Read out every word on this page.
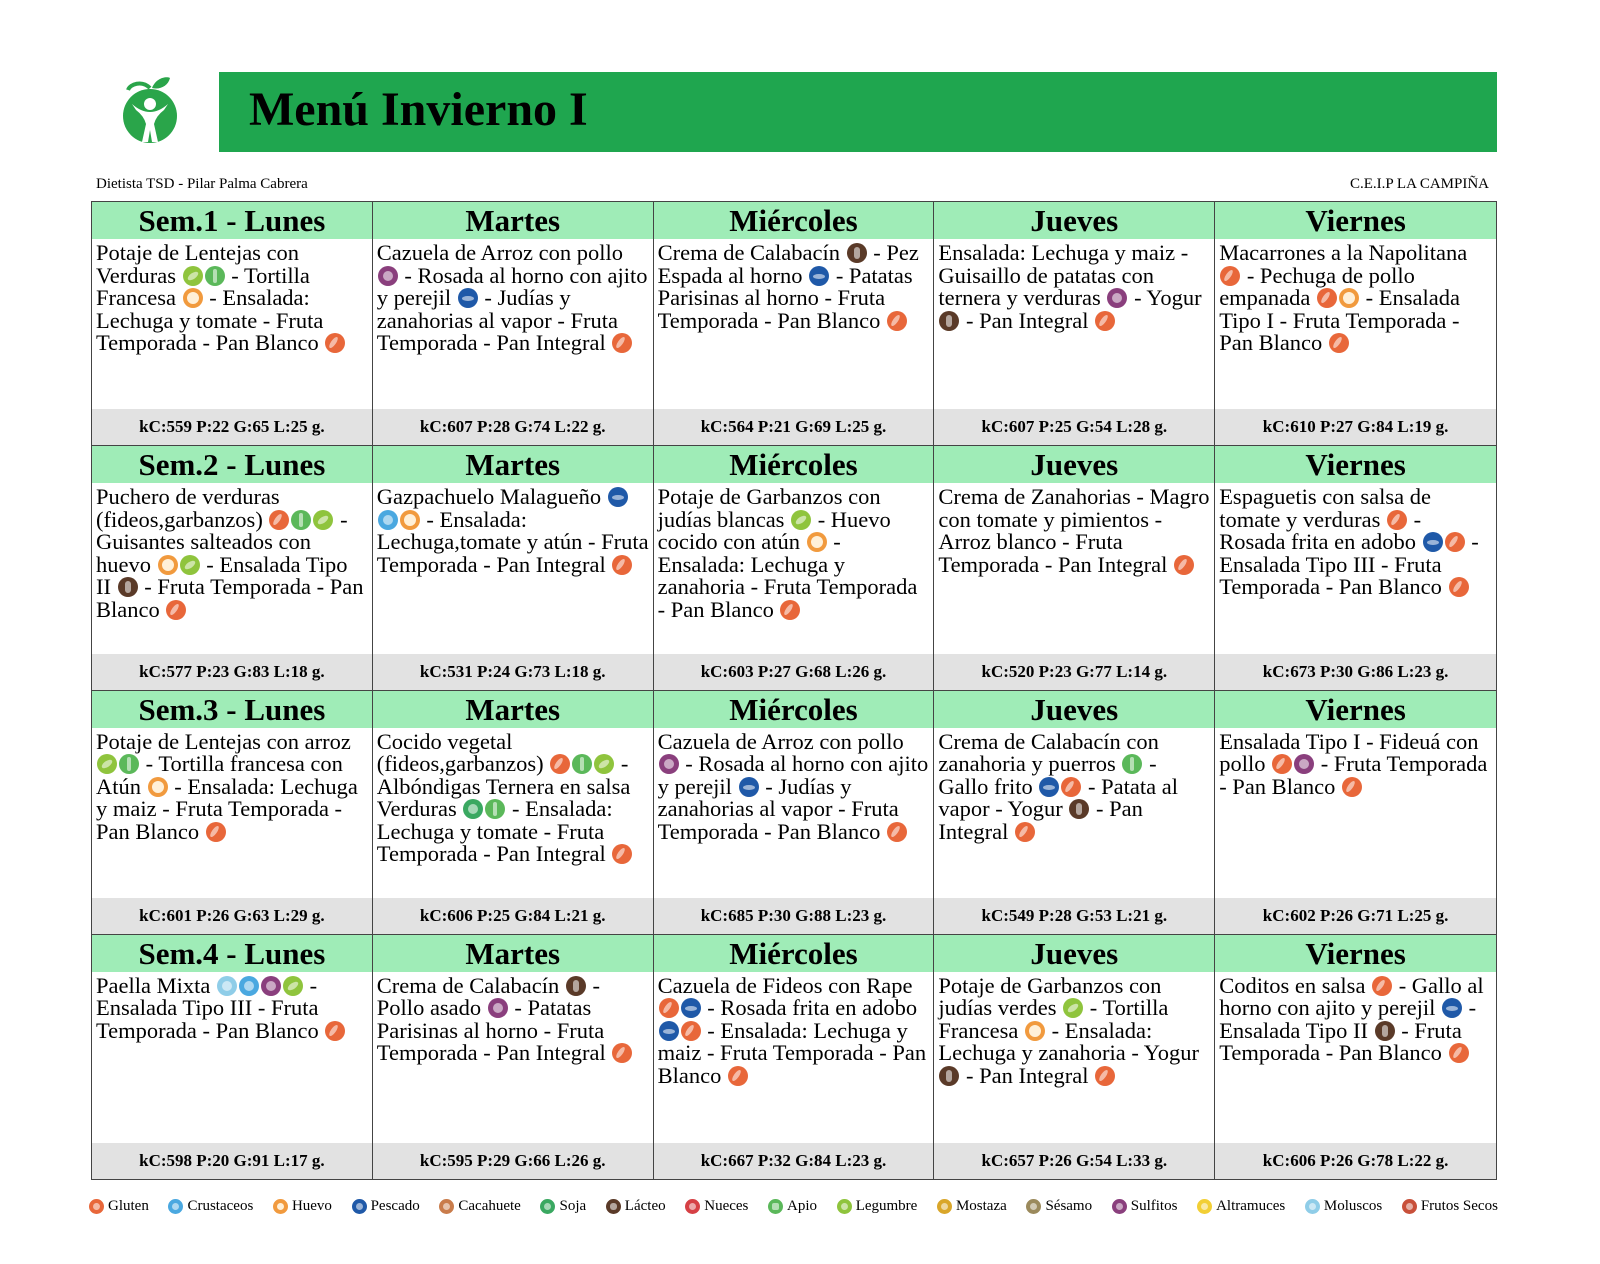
Menú Invierno I
Dietista TSD - Pilar Palma Cabrera	C.E.I.P LA CAMPIÑA
Sem.1 - Lunes
Potaje de Lentejas con Verduras  - Tortilla Francesa  - Ensalada: Lechuga y tomate - Fruta Temporada - Pan Blanco
kC:559 P:22 G:65 L:25 g.
Martes
Cazuela de Arroz con pollo  - Rosada al horno con ajito y perejil  - Judías y zanahorias al vapor - Fruta Temporada - Pan Integral
kC:607 P:28 G:74 L:22 g.
Miércoles
Crema de Calabacín  - Pez Espada al horno  - Patatas Parisinas al horno - Fruta Temporada - Pan Blanco
kC:564 P:21 G:69 L:25 g.
Jueves
Ensalada: Lechuga y maiz - Guisaillo de patatas con ternera y verduras  - Yogur  - Pan Integral
kC:607 P:25 G:54 L:28 g.
Viernes
Macarrones a la Napolitana  - Pechuga de pollo empanada  - Ensalada Tipo I - Fruta Temporada - Pan Blanco
kC:610 P:27 G:84 L:19 g.
Sem.2 - Lunes
Puchero de verduras (fideos,garbanzos)	- Guisantes salteados con huevo  - Ensalada Tipo II  - Fruta Temporada - Pan Blanco
kC:577 P:23 G:83 L:18 g.
Martes
Gazpachuelo Malagueño  - Ensalada: Lechuga,tomate y atún - Fruta Temporada - Pan Integral
kC:531 P:24 G:73 L:18 g.
Miércoles
Potaje de Garbanzos con judías blancas  - Huevo cocido con atún  - Ensalada: Lechuga y zanahoria - Fruta Temporada - Pan Blanco
kC:603 P:27 G:68 L:26 g.
Jueves
Crema de Zanahorias - Magro con tomate y pimientos - Arroz blanco - Fruta Temporada - Pan Integral
kC:520 P:23 G:77 L:14 g.
Viernes
Espaguetis con salsa de tomate y verduras  - Rosada frita en adobo  - Ensalada Tipo III - Fruta Temporada - Pan Blanco
kC:673 P:30 G:86 L:23 g.
Sem.3 - Lunes
Potaje de Lentejas con arroz  - Tortilla francesa con Atún  - Ensalada: Lechuga y maiz - Fruta Temporada - Pan Blanco
kC:601 P:26 G:63 L:29 g.
Martes
Cocido vegetal (fideos,garbanzos)	- Albóndigas Ternera en salsa Verduras  - Ensalada: Lechuga y tomate - Fruta Temporada - Pan Integral
kC:606 P:25 G:84 L:21 g.
Miércoles
Cazuela de Arroz con pollo  - Rosada al horno con ajito y perejil  - Judías y zanahorias al vapor - Fruta Temporada - Pan Blanco
kC:685 P:30 G:88 L:23 g.
Jueves
Crema de Calabacín con zanahoria y puerros  - Gallo frito  - Patata al vapor - Yogur  - Pan Integral
kC:549 P:28 G:53 L:21 g.
Viernes
Ensalada Tipo I - Fideuá con pollo  - Fruta Temporada - Pan Blanco
kC:602 P:26 G:71 L:25 g.
Sem.4 - Lunes
Paella Mixta	- Ensalada Tipo III - Fruta Temporada - Pan Blanco
kC:598 P:20 G:91 L:17 g.
Martes
Crema de Calabacín  - Pollo asado  - Patatas Parisinas al horno - Fruta Temporada - Pan Integral
kC:595 P:29 G:66 L:26 g.
Miércoles
Cazuela de Fideos con Rape  - Rosada frita en adobo  - Ensalada: Lechuga y maiz - Fruta Temporada - Pan Blanco
kC:667 P:32 G:84 L:23 g.
Jueves
Potaje de Garbanzos con judías verdes  - Tortilla Francesa  - Ensalada: Lechuga y zanahoria - Yogur  - Pan Integral
kC:657 P:26 G:54 L:33 g.
Viernes
Coditos en salsa  - Gallo al horno con ajito y perejil  - Ensalada Tipo II  - Fruta Temporada - Pan Blanco
kC:606 P:26 G:78 L:22 g.
Gluten	Crustaceos	Huevo	Pescado	Cacahuete	Soja	Lácteo	Nueces	Apio	Legumbre	Mostaza	Sésamo	Sulfitos	Altramuces	Moluscos	Frutos Secos
